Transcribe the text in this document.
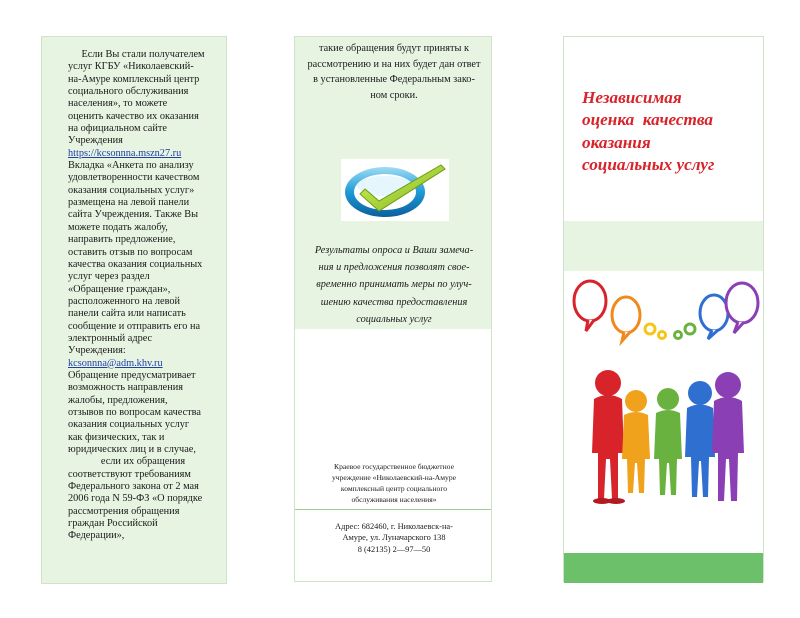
Если Вы стали получателем
услуг КГБУ «Николаевский-
на-Амуре комплексный центр
социального обслуживания
населения», то можете
оценить качество их оказания
на официальном сайте
Учреждения
https://kcsonnna.mszn27.ru
Вкладка «Анкета по анализу
удовлетворенности качеством
оказания социальных услуг»
размещена на левой панели
сайта Учреждения. Также Вы
можете подать жалобу,
направить предложение,
оставить отзыв по вопросам
качества оказания социальных
услуг через раздел
«Обращение граждан»,
расположенного на левой
панели сайта или написать
сообщение и отправить его на
электронный адрес
Учреждения:
kcsonnna@adm.khv.ru
Обращение предусматривает
возможность направления
жалобы, предложения,
отзывов по вопросам качества
оказания социальных услуг
как физических, так и
юридических лиц и в случае,
если их обращения
соответствуют требованиям
Федерального закона от 2 мая
2006 года N 59-ФЗ «О порядке
рассмотрения обращения
граждан Российской
Федерации»,
такие обращения будут приняты к
рассмотрению и на них будет дан ответ
в установленные Федеральным зако-
ном сроки.
Результаты опроса и Ваши замеча-
ния и предложения позволят свое-
временно принимать меры по улуч-
шению качества предоставления
социальных услуг
Краевое государственное бюджетное
учреждение «Николаевский-на-Амуре
комплексный центр социального
обслуживания населения»
Адрес: 682460, г. Николаевск-на-
Амуре, ул. Луначарского 138
8 (42135) 2—97—50
Независимая
оценка  качества
оказания
социальных услуг
